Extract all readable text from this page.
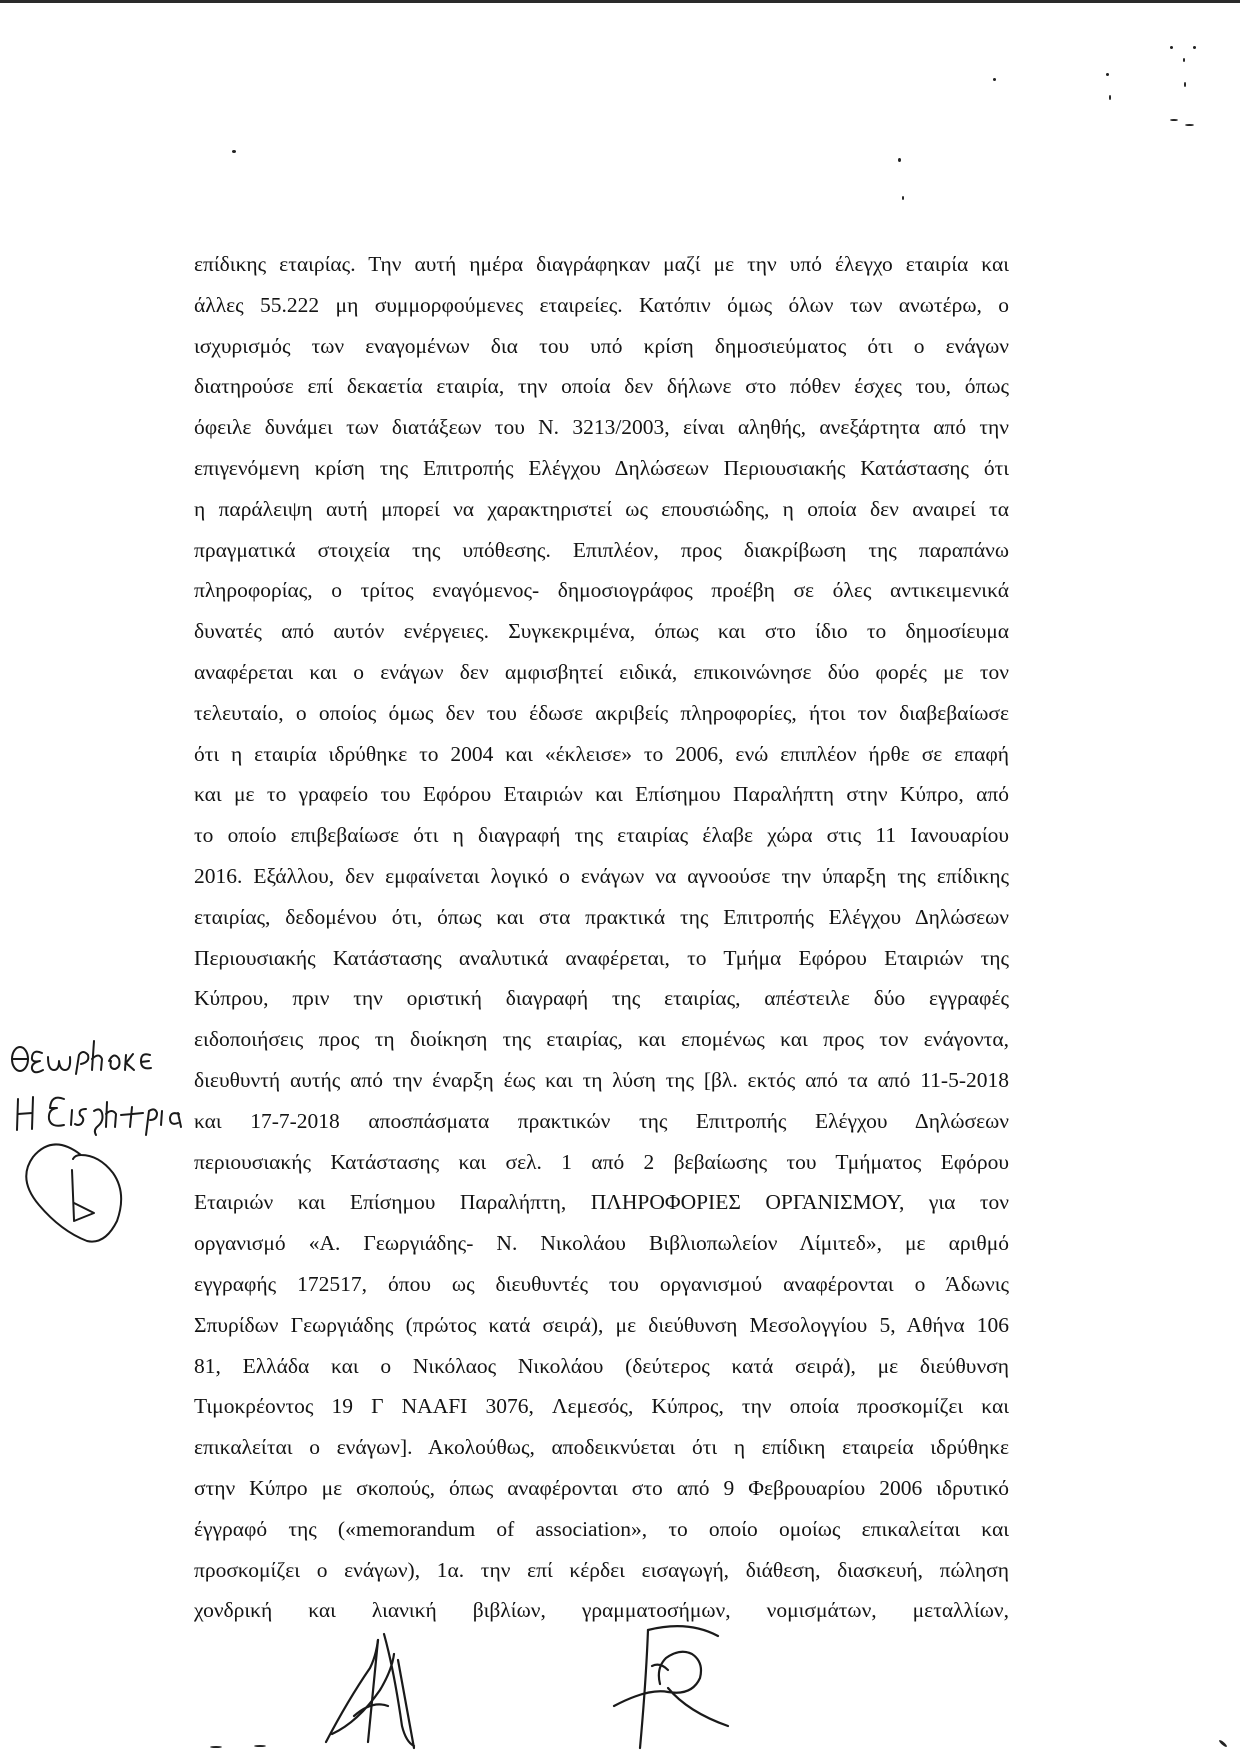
επίδικης εταιρίας. Την αυτή ημέρα διαγράφηκαν μαζί με την υπό έλεγχο εταιρία και
άλλες 55.222 μη συμμορφούμενες εταιρείες. Κατόπιν όμως όλων των ανωτέρω, ο
ισχυρισμός των εναγομένων δια του υπό κρίση δημοσιεύματος ότι ο ενάγων
διατηρούσε επί δεκαετία εταιρία, την οποία δεν δήλωνε στο πόθεν έσχες του, όπως
όφειλε δυνάμει των διατάξεων του Ν. 3213/2003, είναι αληθής, ανεξάρτητα από την
επιγενόμενη κρίση της Επιτροπής Ελέγχου Δηλώσεων Περιουσιακής Κατάστασης ότι
η παράλειψη αυτή μπορεί να χαρακτηριστεί ως επουσιώδης, η οποία δεν αναιρεί τα
πραγματικά στοιχεία της υπόθεσης. Επιπλέον, προς διακρίβωση της παραπάνω
πληροφορίας, ο τρίτος εναγόμενος- δημοσιογράφος προέβη σε όλες αντικειμενικά
δυνατές από αυτόν ενέργειες. Συγκεκριμένα, όπως και στο ίδιο το δημοσίευμα
αναφέρεται και ο ενάγων δεν αμφισβητεί ειδικά, επικοινώνησε δύο φορές με τον
τελευταίο, ο οποίος όμως δεν του έδωσε ακριβείς πληροφορίες, ήτοι τον διαβεβαίωσε
ότι η εταιρία ιδρύθηκε το 2004 και «έκλεισε» το 2006, ενώ επιπλέον ήρθε σε επαφή
και με το γραφείο του Εφόρου Εταιριών και Επίσημου Παραλήπτη στην Κύπρο, από
το οποίο επιβεβαίωσε ότι η διαγραφή της εταιρίας έλαβε χώρα στις 11 Ιανουαρίου
2016. Εξάλλου, δεν εμφαίνεται λογικό ο ενάγων να αγνοούσε την ύπαρξη της επίδικης
εταιρίας, δεδομένου ότι, όπως και στα πρακτικά της Επιτροπής Ελέγχου Δηλώσεων
Περιουσιακής Κατάστασης αναλυτικά αναφέρεται, το Τμήμα Εφόρου Εταιριών της
Κύπρου, πριν την οριστική διαγραφή της εταιρίας, απέστειλε δύο εγγραφές
ειδοποιήσεις προς τη διοίκηση της εταιρίας, και επομένως και προς τον ενάγοντα,
διευθυντή αυτής από την έναρξη έως και τη λύση της [βλ. εκτός από τα από 11-5-2018
και 17-7-2018 αποσπάσματα πρακτικών της Επιτροπής Ελέγχου Δηλώσεων
περιουσιακής Κατάστασης και σελ. 1 από 2 βεβαίωσης του Τμήματος Εφόρου
Εταιριών και Επίσημου Παραλήπτη, ΠΛΗΡΟΦΟΡΙΕΣ ΟΡΓΑΝΙΣΜΟΥ, για τον
οργανισμό «Α. Γεωργιάδης- Ν. Νικολάου Βιβλιοπωλείον Λίμιτεδ», με αριθμό
εγγραφής 172517, όπου ως διευθυντές του οργανισμού αναφέρονται ο Άδωνις
Σπυρίδων Γεωργιάδης (πρώτος κατά σειρά), με διεύθυνση Μεσολογγίου 5, Αθήνα 106
81, Ελλάδα και ο Νικόλαος Νικολάου (δεύτερος κατά σειρά), με διεύθυνση
Τιμοκρέοντος 19 Γ ΝΑΑFI 3076, Λεμεσός, Κύπρος, την οποία προσκομίζει και
επικαλείται ο ενάγων]. Ακολούθως, αποδεικνύεται ότι η επίδικη εταιρεία ιδρύθηκε
στην Κύπρο με σκοπούς, όπως αναφέρονται στο από 9 Φεβρουαρίου 2006 ιδρυτικό
έγγραφό της («memorandum of association», το οποίο ομοίως επικαλείται και
προσκομίζει ο ενάγων), 1α. την επί κέρδει εισαγωγή, διάθεση, διασκευή, πώληση
χονδρική και λιανική βιβλίων, γραμματοσήμων, νομισμάτων, μεταλλίων,
